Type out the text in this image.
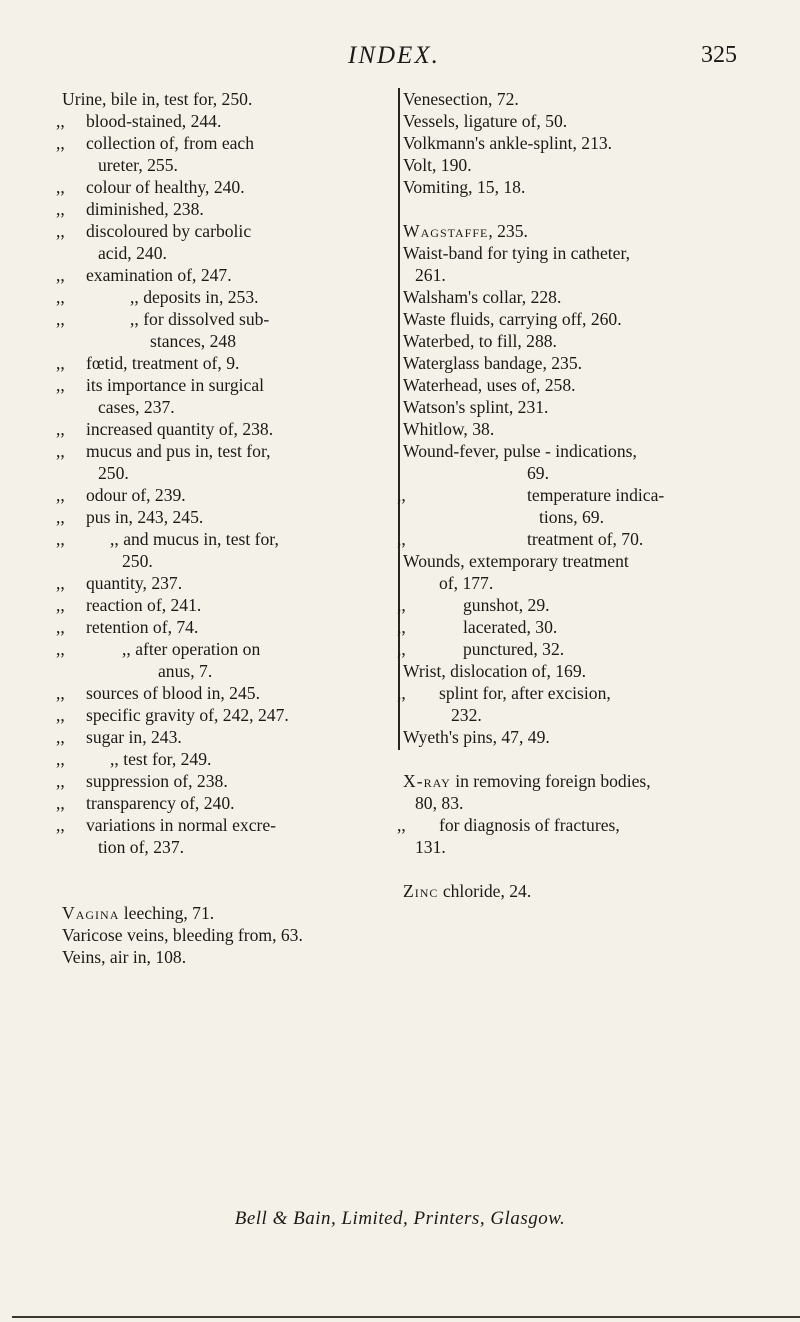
INDEX.	325
Urine, bile in, test for, 250.
,, blood-stained, 244.
,, collection of, from each
ureter, 255.
,, colour of healthy, 240.
,, diminished, 238.
,, discoloured by carbolic
acid, 240.
,, examination of, 247.
,,	,, deposits in, 253.
,,	,, for dissolved sub-
stances, 248
,, fœtid, treatment of, 9.
,, its importance in surgical
cases, 237.
,, increased quantity of, 238.
,, mucus and pus in, test for,
250.
,, odour of, 239.
,, pus in, 243, 245.
,,	,, and mucus in, test for,
250.
,, quantity, 237.
,, reaction of, 241.
,, retention of, 74.
,,	,, after operation on
anus, 7.
,, sources of blood in, 245.
,, specific gravity of, 242, 247.
,, sugar in, 243.
,,	,, test for, 249.
,, suppression of, 238.
,, transparency of, 240.
,, variations in normal excre-
tion of, 237.
Vagina leeching, 71.
Varicose veins, bleeding from, 63.
Veins, air in, 108.
Venesection, 72.
Vessels, ligature of, 50.
Volkmann's ankle-splint, 213.
Volt, 190.
Vomiting, 15, 18.
Wagstaffe, 235.
Waist-band for tying in catheter,
261.
Walsham's collar, 228.
Waste fluids, carrying off, 260.
Waterbed, to fill, 288.
Waterglass bandage, 235.
Waterhead, uses of, 258.
Watson's splint, 231.
Whitlow, 38.
Wound-fever, pulse - indications,
69.
,,	temperature indica-
tions, 69.
,,	treatment of, 70.
Wounds, extemporary treatment
of, 177.
,,	gunshot, 29.
,,	lacerated, 30.
,,	punctured, 32.
Wrist, dislocation of, 169.
,, splint for, after excision,
232.
Wyeth's pins, 47, 49.
X-ray in removing foreign bodies,
80, 83.
,, for diagnosis of fractures,
131.
Zinc chloride, 24.
Bell & Bain, Limited, Printers, Glasgow.
